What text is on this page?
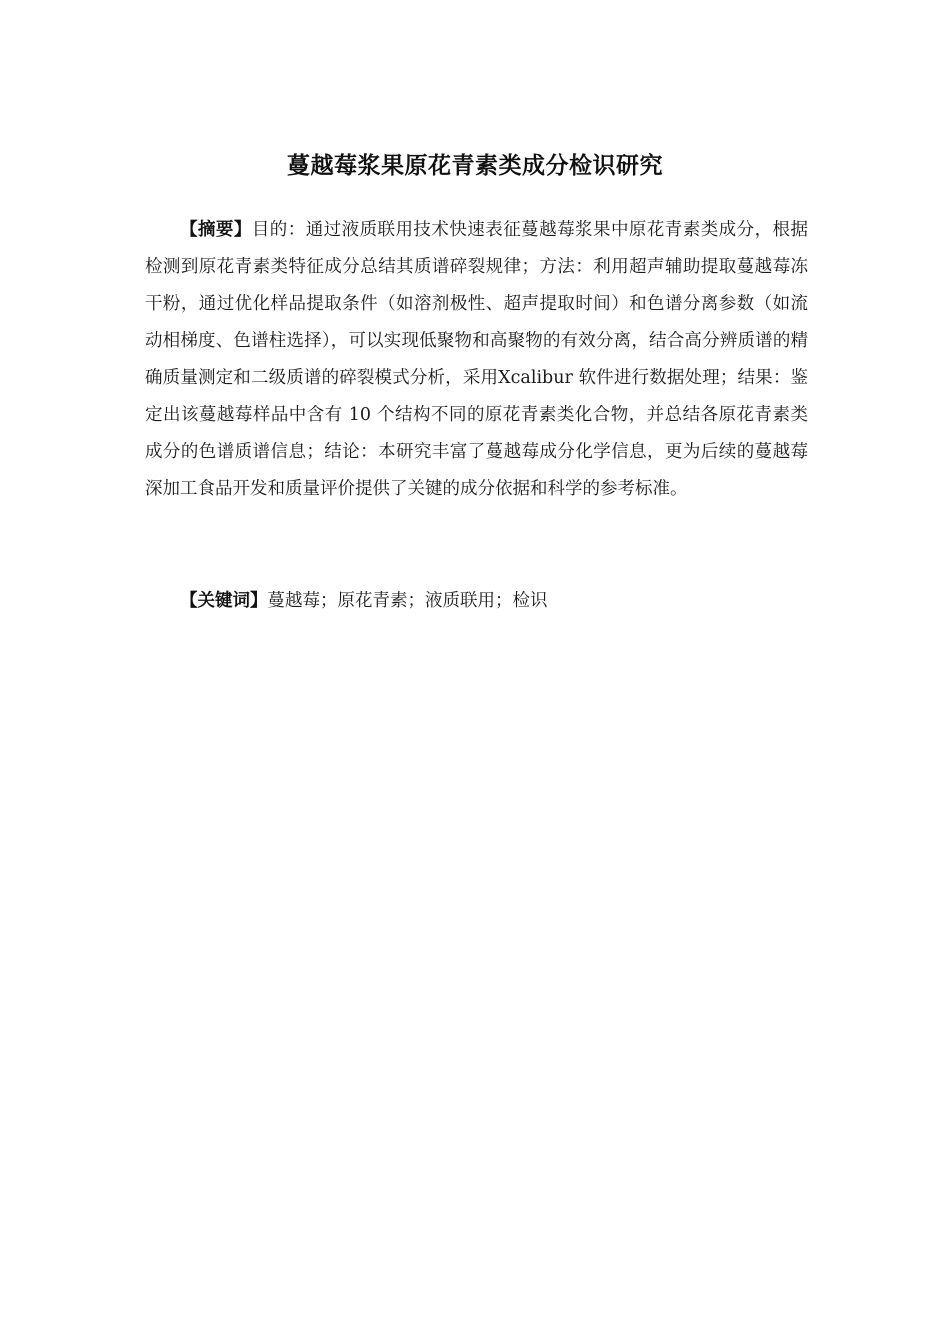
蔓越莓浆果原花青素类成分检识研究
【摘要】目的：通过液质联用技术快速表征蔓越莓浆果中原花青素类成分，根据检测到原花青素类特征成分总结其质谱碎裂规律；方法：利用超声辅助提取蔓越莓冻干粉，通过优化样品提取条件（如溶剂极性、超声提取时间）和色谱分离参数（如流动相梯度、色谱柱选择），可以实现低聚物和高聚物的有效分离，结合高分辨质谱的精确质量测定和二级质谱的碎裂模式分析，采用Xcalibur 软件进行数据处理；结果：鉴定出该蔓越莓样品中含有 10 个结构不同的原花青素类化合物，并总结各原花青素类成分的色谱质谱信息；结论：本研究丰富了蔓越莓成分化学信息，更为后续的蔓越莓深加工食品开发和质量评价提供了关键的成分依据和科学的参考标准。
【关键词】蔓越莓；原花青素；液质联用；检识
